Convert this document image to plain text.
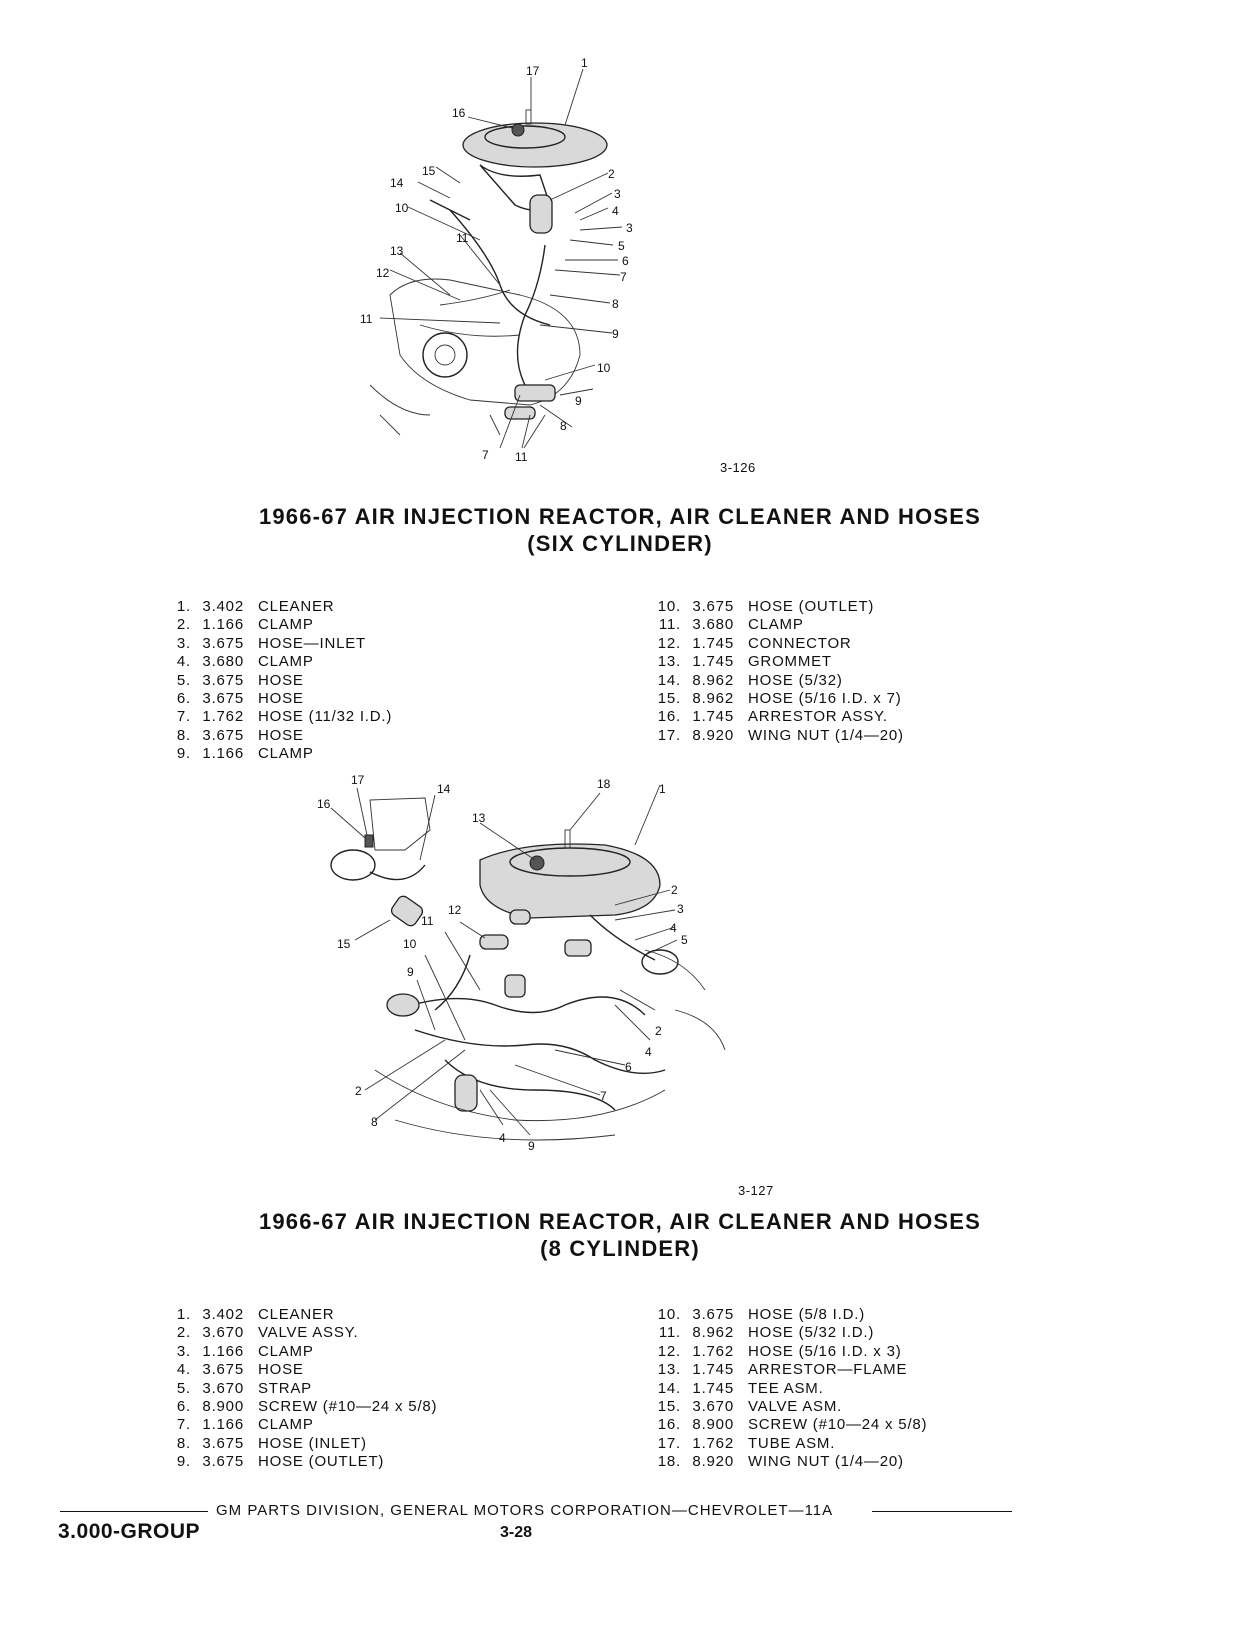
17
1
16
15
14
10
11
13
12
11
2
3
4
3
5
6
7
8
9
10
9
8
7 11
3-126
1966-67 AIR INJECTION REACTOR, AIR CLEANER AND HOSES
(SIX CYLINDER)
1. 3.402 CLEANER
2. 1.166 CLAMP
3. 3.675 HOSE—INLET
4. 3.680 CLAMP
5. 3.675 HOSE
6. 3.675 HOSE
7. 1.762 HOSE (11/32 I.D.)
8. 3.675 HOSE
9. 1.166 CLAMP
10. 3.675 HOSE (OUTLET)
11. 3.680 CLAMP
12. 1.745 CONNECTOR
13. 1.745 GROMMET
14. 8.962 HOSE (5/32)
15. 8.962 HOSE (5/16 I.D. x 7)
16. 1.745 ARRESTOR ASSY.
17. 8.920 WING NUT (1/4—20)
17	18	1
16
14
13
2
3
12
11	4
5
10
15
9
2
4
6
7
2
8
4
9
3-127
1966-67 AIR INJECTION REACTOR, AIR CLEANER AND HOSES
(8 CYLINDER)
1. 3.402 CLEANER
2. 3.670 VALVE ASSY.
3. 1.166 CLAMP
4. 3.675 HOSE
5. 3.670 STRAP
6. 8.900 SCREW (#10—24 x 5/8)
7. 1.166 CLAMP
8. 3.675 HOSE (INLET)
9. 3.675 HOSE (OUTLET)
10. 3.675 HOSE (5/8 I.D.)
11. 8.962 HOSE (5/32 I.D.)
12. 1.762 HOSE (5/16 I.D. x 3)
13. 1.745 ARRESTOR—FLAME
14. 1.745 TEE ASM.
15. 3.670 VALVE ASM.
16. 8.900 SCREW (#10—24 x 5/8)
17. 1.762 TUBE ASM.
18. 8.920 WING NUT (1/4—20)
GM PARTS DIVISION, GENERAL MOTORS CORPORATION—CHEVROLET—11A
3.000-GROUP	3-28
